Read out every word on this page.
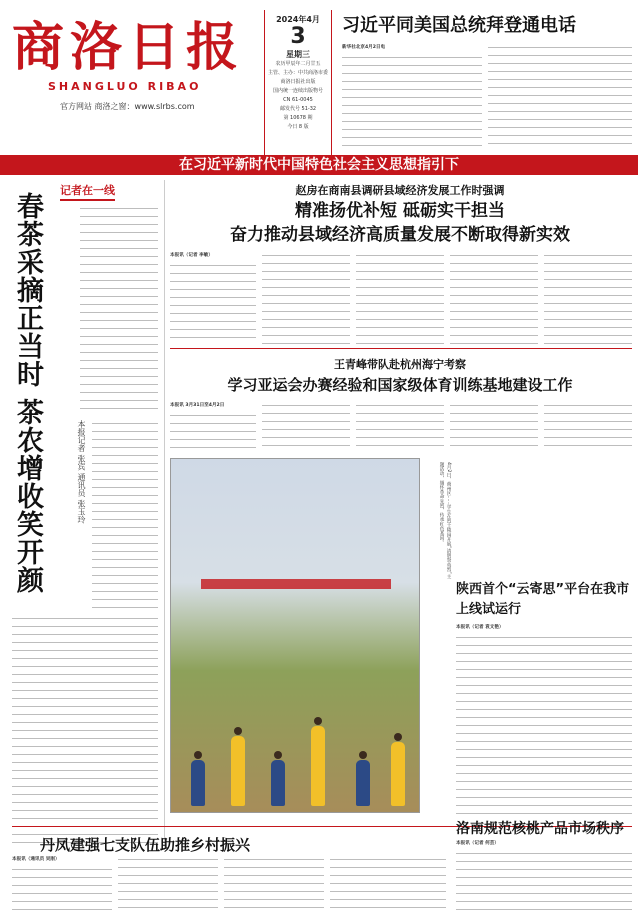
商洛日报
SHANGLUO RIBAO
官方网站 商洛之窗：www.slrbs.com
2024年4月
3
星期三
农历甲辰年二月廿五
主管、主办：中共商洛市委
商洛日报社出版
国内统一连续出版物号
CN 61-0045
邮发代号 51-32
第 10678 期
今日 8 版
习近平同美国总统拜登通电话
新华社北京4月2日电
在习近平新时代中国特色社会主义思想指引下
记者在一线
春茶采摘正当时 茶农增收笑开颜	本报记者 张宾 通讯员 张玉玲
赵房在商南县调研县域经济发展工作时强调
精准扬优补短 砥砺实干担当
奋力推动县域经济高质量发展不断取得新实效
本报讯（记者 李敏）
王青峰带队赴杭州海宁考察
学习亚运会办赛经验和国家级体育训练基地建设工作
本报讯 3月31日至4月2日
4月2日，商州区……学生在烈士陵园开展“清明祭英烈”主题活动，缅怀革命先烈，传承红色基因。
陕西首个“云寄思”平台在我市上线试运行
本报讯（记者 袁文艳）
丹凤建强七支队伍助推乡村振兴
本报讯（通讯员 吴刚）
洛南规范核桃产品市场秩序
本报讯（记者 何芸）
